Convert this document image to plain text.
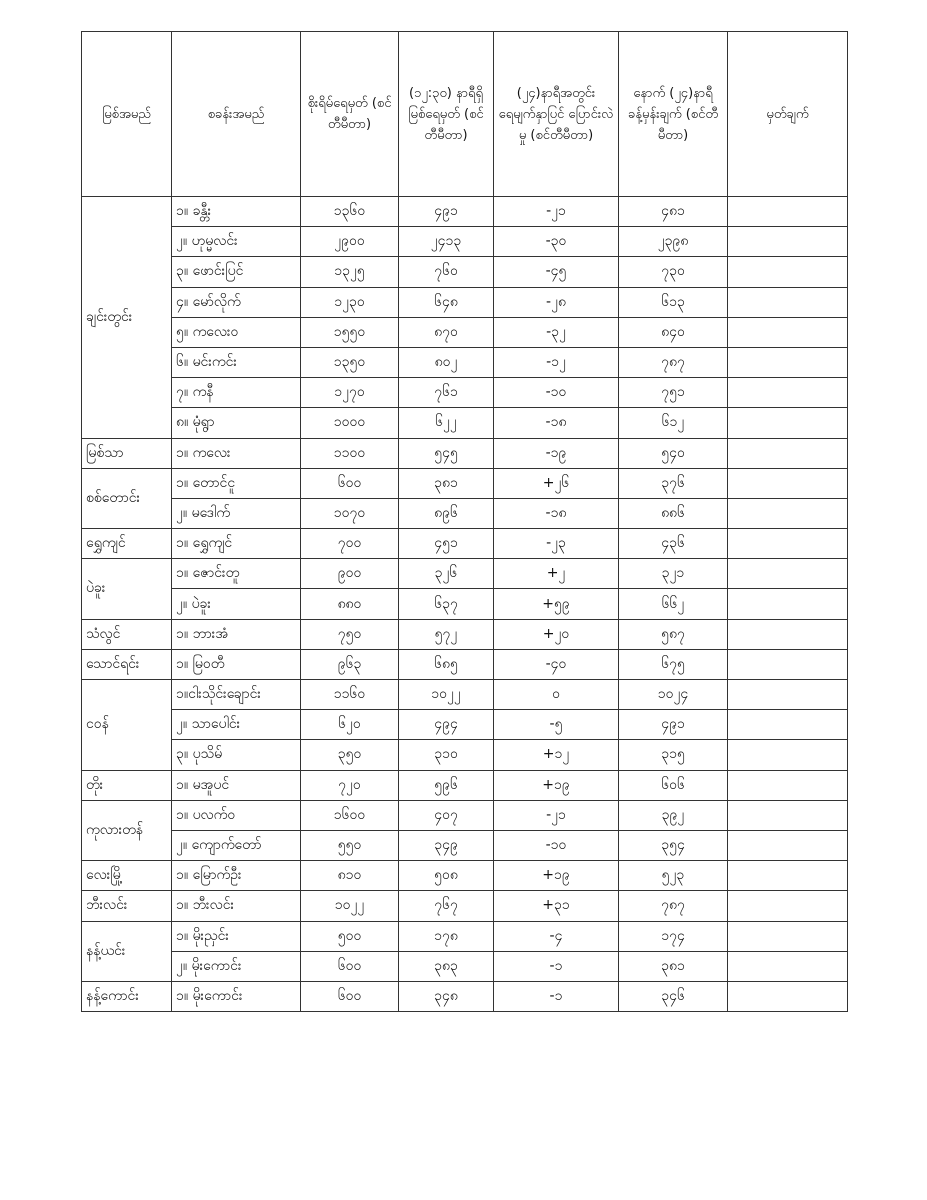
မြစ်အမည်	စခန်းအမည်	စိုးရိမ်ရေမှတ် (စင်တီမီတာ)	(၁၂:၃၀) နာရီရှိ မြစ်ရေမှတ် (စင်တီမီတာ)	(၂၄)နာရီအတွင်း ရေမျက်နှာပြင် ပြောင်းလဲမှု (စင်တီမီတာ)	နောက် (၂၄)နာရီ ခန့်မှန်းချက် (စင်တီမီတာ)	မှတ်ချက်
ချင်းတွင်း	၁။ ခန္တီး	၁၃၆၀	၄၉၁	-၂၁	၄၈၁	
	၂။ ဟုမ္မလင်း	၂၉၀၀	၂၄၁၃	-၃၀	၂၃၉၈	
	၃။ ဖောင်းပြင်	၁၃၂၅	၇၆၀	-၄၅	၇၃၀	
	၄။ မော်လိုက်	၁၂၃၀	၆၄၈	-၂၈	၆၁၃	
	၅။ ကလေးဝ	၁၅၅၀	၈၇၀	-၃၂	၈၄၀	
	၆။ မင်းကင်း	၁၃၅၀	၈၀၂	-၁၂	၇၈၇	
	၇။ ကနီ	၁၂၇၀	၇၆၁	-၁၀	၇၅၁	
	၈။ မုံရွာ	၁၀၀၀	၆၂၂	-၁၈	၆၁၂	
မြစ်သာ	၁။ ကလေး	၁၁၀၀	၅၄၅	-၁၉	၅၄၀	
စစ်တောင်း	၁။ တောင်ငူ	၆၀၀	၃၈၁	+၂၆	၃၇၆	
	၂။ မဒေါက်	၁၀၇၀	၈၉၆	-၁၈	၈၈၆	
ရွှေကျင်	၁။ ရွှေကျင်	၇၀၀	၄၅၁	-၂၃	၄၃၆	
ပဲခူး	၁။ ဇောင်းတူ	၉၀၀	၃၂၆	+၂	၃၂၁	
	၂။ ပဲခူး	၈၈၀	၆၃၇	+၅၉	၆၆၂	
သံလွင်	၁။ ဘားအံ	၇၅၀	၅၇၂	+၂၀	၅၈၇	
သောင်ရင်း	၁။ မြဝတီ	၉၆၃	၆၈၅	-၄၀	၆၇၅	
ငဝန်	၁။ငါးသိုင်းချောင်း	၁၁၆၀	၁၀၂၂	၀	၁၀၂၄	
	၂။ သာပေါင်း	၆၂၀	၄၉၄	-၅	၄၉၁	
	၃။ ပုသိမ်	၃၅၀	၃၁၀	+၁၂	၃၁၅	
တိုး	၁။ မအူပင်	၇၂၀	၅၉၆	+၁၉	၆၀၆	
ကုလားတန်	၁။ ပလက်ဝ	၁၆၀၀	၄၀၇	-၂၁	၃၉၂	
	၂။ ကျောက်တော်	၅၅၀	၃၄၉	-၁၀	၃၅၄	
လေးမြို့	၁။ မြောက်ဦး	၈၁၀	၅၀၈	+၁၉	၅၂၃	
ဘီးလင်း	၁။ ဘီးလင်း	၁၀၂၂	၇၆၇	+၃၁	၇၈၇	
နန့်ယင်း	၁။ မိုးညှင်း	၅၀၀	၁၇၈	-၄	၁၇၄	
	၂။ မိုးကောင်း	၆၀၀	၃၈၃	-၁	၃၈၁	
နန့်ကောင်း	၁။ မိုးကောင်း	၆၀၀	၃၄၈	-၁	၃၄၆	
